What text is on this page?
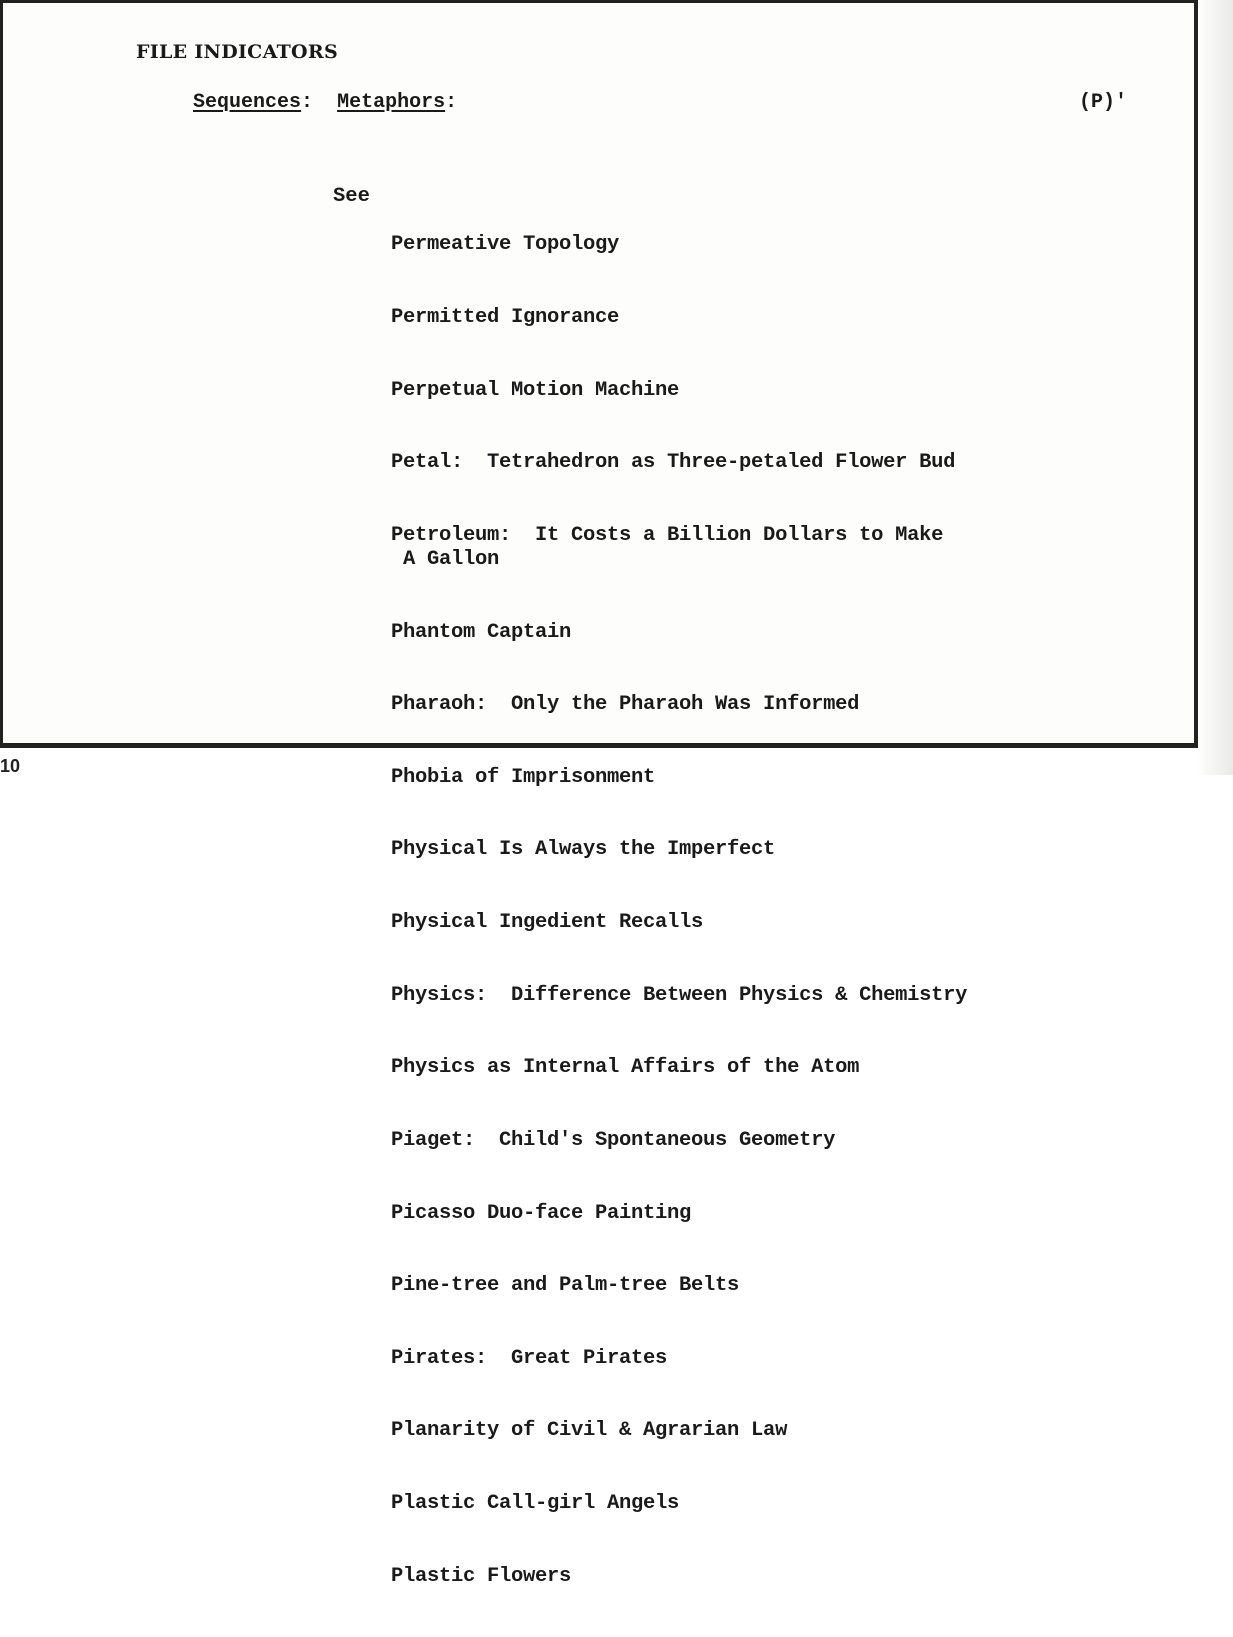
FILE INDICATORS
Sequences: Metaphors:	(P)'
See

Permeative Topology

Permitted Ignorance

Perpetual Motion Machine

Petal:  Tetrahedron as Three-petaled Flower Bud

Petroleum:  It Costs a Billion Dollars to Make
A Gallon

Phantom Captain

Pharaoh:  Only the Pharaoh Was Informed

Phobia of Imprisonment

Physical Is Always the Imperfect

Physical Ingedient Recalls

Physics:  Difference Between Physics & Chemistry

Physics as Internal Affairs of the Atom

Piaget:  Child's Spontaneous Geometry

Picasso Duo-face Painting

Pine-tree and Palm-tree Belts

Pirates:  Great Pirates

Planarity of Civil & Agrarian Law

Plastic Call-girl Angels

Plastic Flowers

10
